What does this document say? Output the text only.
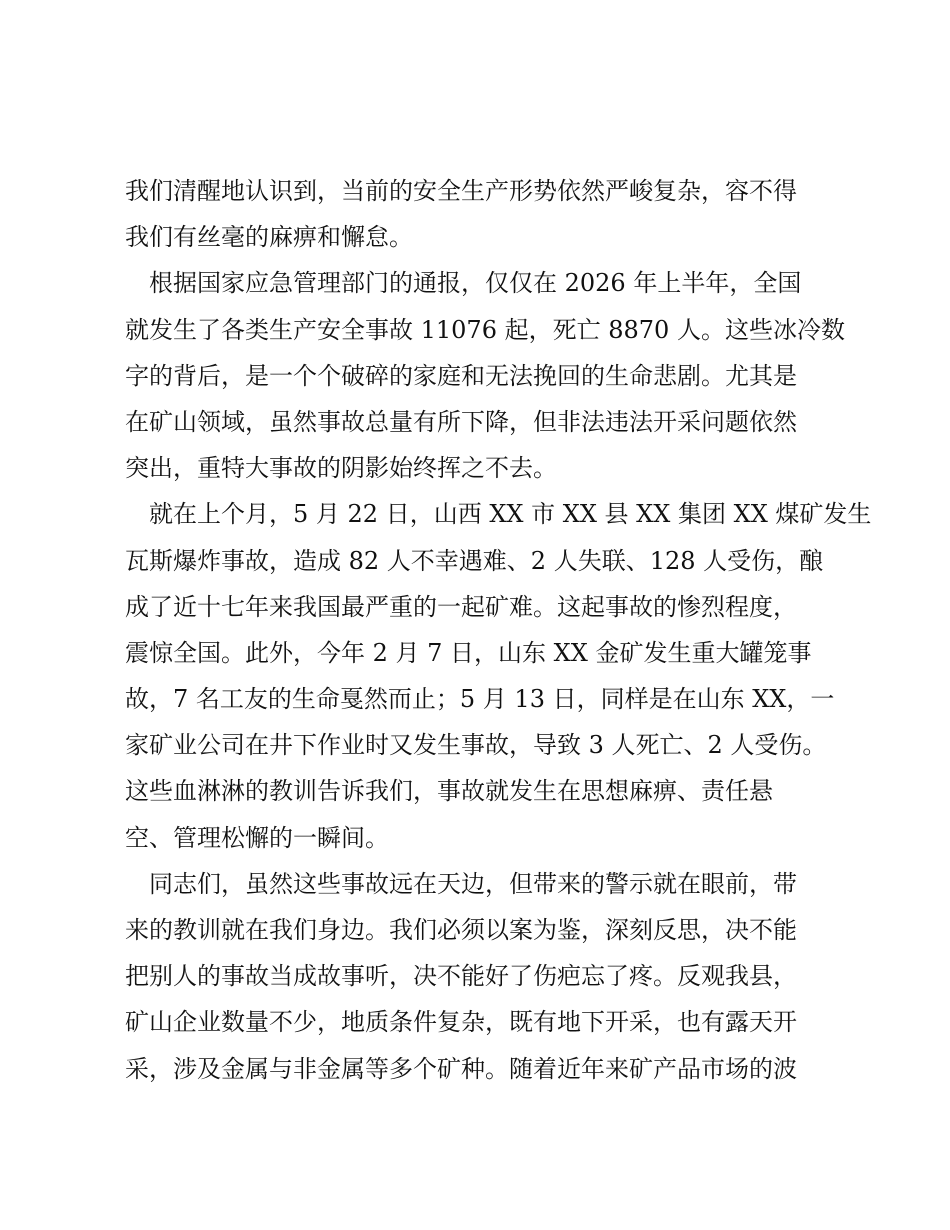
我们清醒地认识到，当前的安全生产形势依然严峻复杂，容不得
我们有丝毫的麻痹和懈怠。
　根据国家应急管理部门的通报，仅仅在 2026 年上半年，全国
就发生了各类生产安全事故 11076 起，死亡 8870 人。这些冰冷数
字的背后，是一个个破碎的家庭和无法挽回的生命悲剧。尤其是
在矿山领域，虽然事故总量有所下降，但非法违法开采问题依然
突出，重特大事故的阴影始终挥之不去。
　就在上个月，5 月 22 日，山西 XX 市 XX 县 XX 集团 XX 煤矿发生
瓦斯爆炸事故，造成 82 人不幸遇难、2 人失联、128 人受伤，酿
成了近十七年来我国最严重的一起矿难。这起事故的惨烈程度，
震惊全国。此外，今年 2 月 7 日，山东 XX 金矿发生重大罐笼事
故，7 名工友的生命戛然而止；5 月 13 日，同样是在山东 XX，一
家矿业公司在井下作业时又发生事故，导致 3 人死亡、2 人受伤。
这些血淋淋的教训告诉我们，事故就发生在思想麻痹、责任悬
空、管理松懈的一瞬间。
　同志们，虽然这些事故远在天边，但带来的警示就在眼前，带
来的教训就在我们身边。我们必须以案为鉴，深刻反思，决不能
把别人的事故当成故事听，决不能好了伤疤忘了疼。反观我县，
矿山企业数量不少，地质条件复杂，既有地下开采，也有露天开
采，涉及金属与非金属等多个矿种。随着近年来矿产品市场的波
